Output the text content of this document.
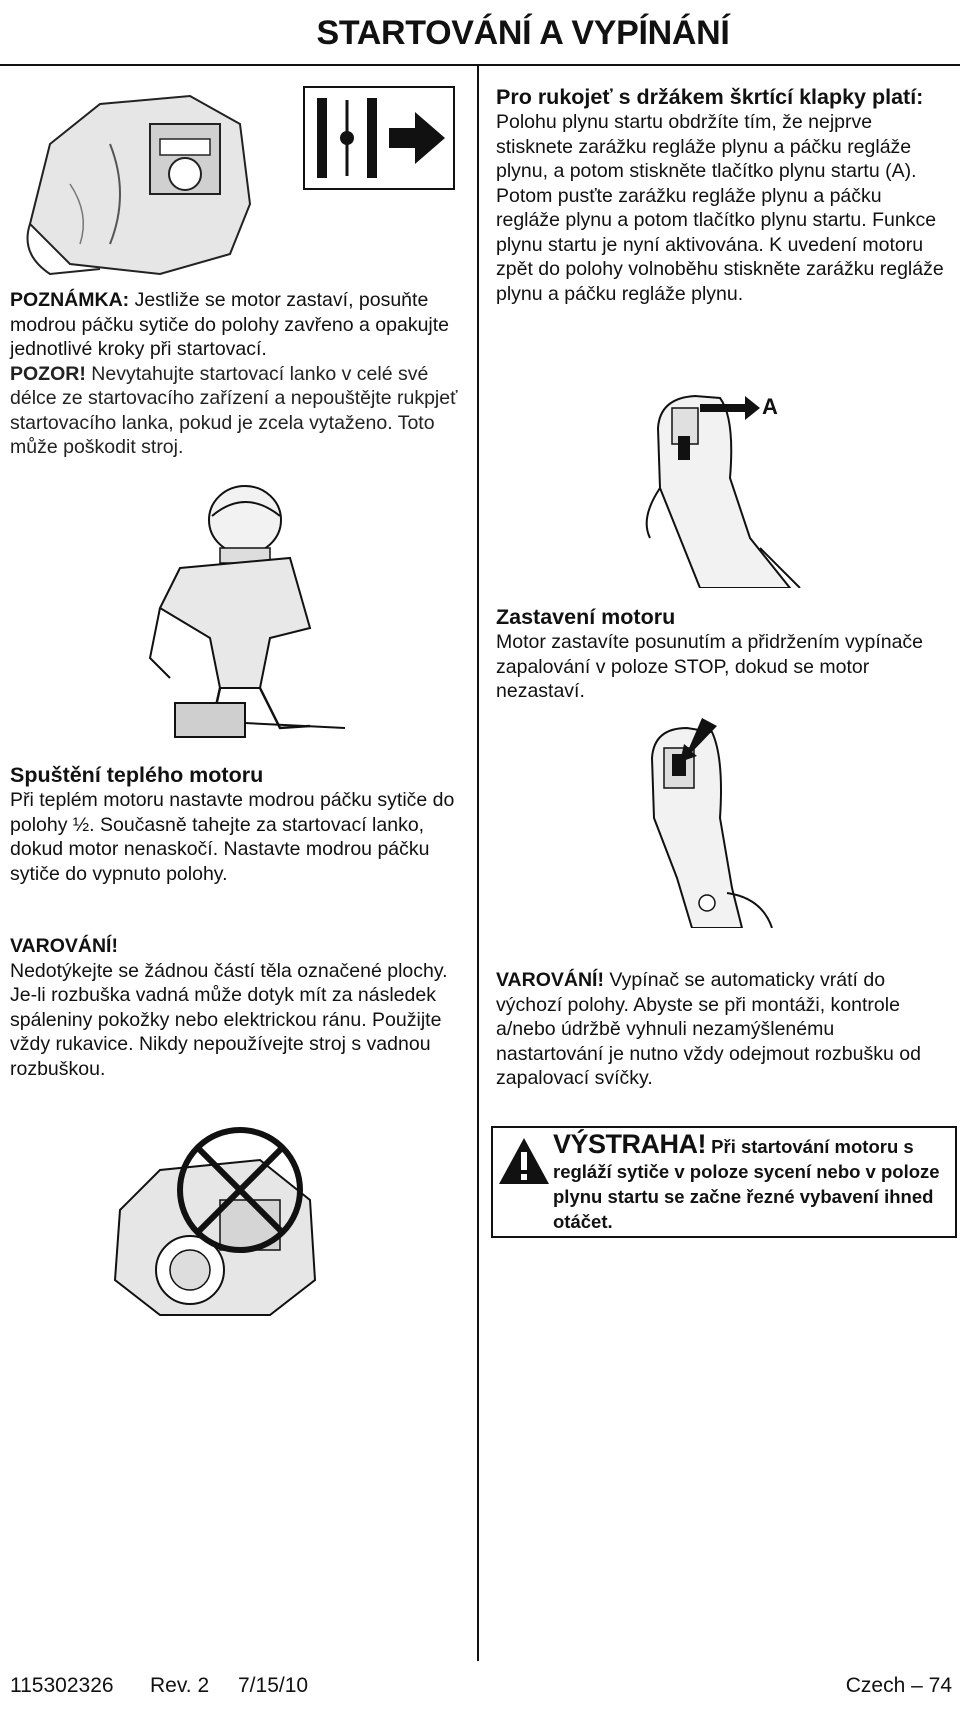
STARTOVÁNÍ A VYPÍNÁNÍ

POZNÁMKA: Jestliže se motor zastaví, posuňte modrou páčku sytiče do polohy zavřeno a opakujte jednotlivé kroky při startovací.

POZOR! Nevytahujte startovací lanko v celé své délce ze startovacího zařízení a nepouštějte rukpjeť startovacího lanka, pokud je zcela vytaženo. Toto může poškodit stroj.

Spuštění teplého motoru

Při teplém motoru nastavte modrou páčku sytiče do polohy ½. Současně tahejte za startovací lanko, dokud motor nenaskočí. Nastavte modrou páčku sytiče do vypnuto polohy.

VAROVÁNÍ!

Nedotýkejte se žádnou částí těla označené plochy. Je-li rozbuška vadná může dotyk mít za následek spáleniny pokožky nebo elektrickou ránu. Použijte vždy rukavice. Nikdy nepoužívejte stroj s vadnou rozbuškou.

Pro rukojeť s držákem škrtící klapky platí:

Polohu plynu startu obdržíte tím, že nejprve stisknete zarážku regláže plynu a páčku regláže plynu, a potom stiskněte tlačítko plynu startu (A). Potom pusťte zarážku regláže plynu a páčku regláže plynu a potom tlačítko plynu startu. Funkce plynu startu je nyní aktivována. K uvedení motoru zpět do polohy volnoběhu stiskněte zarážku regláže plynu a páčku regláže plynu.

A

Zastavení motoru

Motor zastavíte posunutím a přidržením vypínače zapalování v poloze STOP, dokud se motor nezastaví.

VAROVÁNÍ! Vypínač se automaticky vrátí do výchozí polohy. Abyste se při montáži, kontrole a/nebo údržbě vyhnuli nezamýšlenému nastartování je nutno vždy odejmout rozbušku od zapalovací svíčky.

VÝSTRAHA! Při startování motoru s regláží sytiče v poloze sycení nebo v poloze plynu startu se začne řezné vybavení ihned otáčet.
115302326 Rev. 2 7/15/10	Czech – 74
